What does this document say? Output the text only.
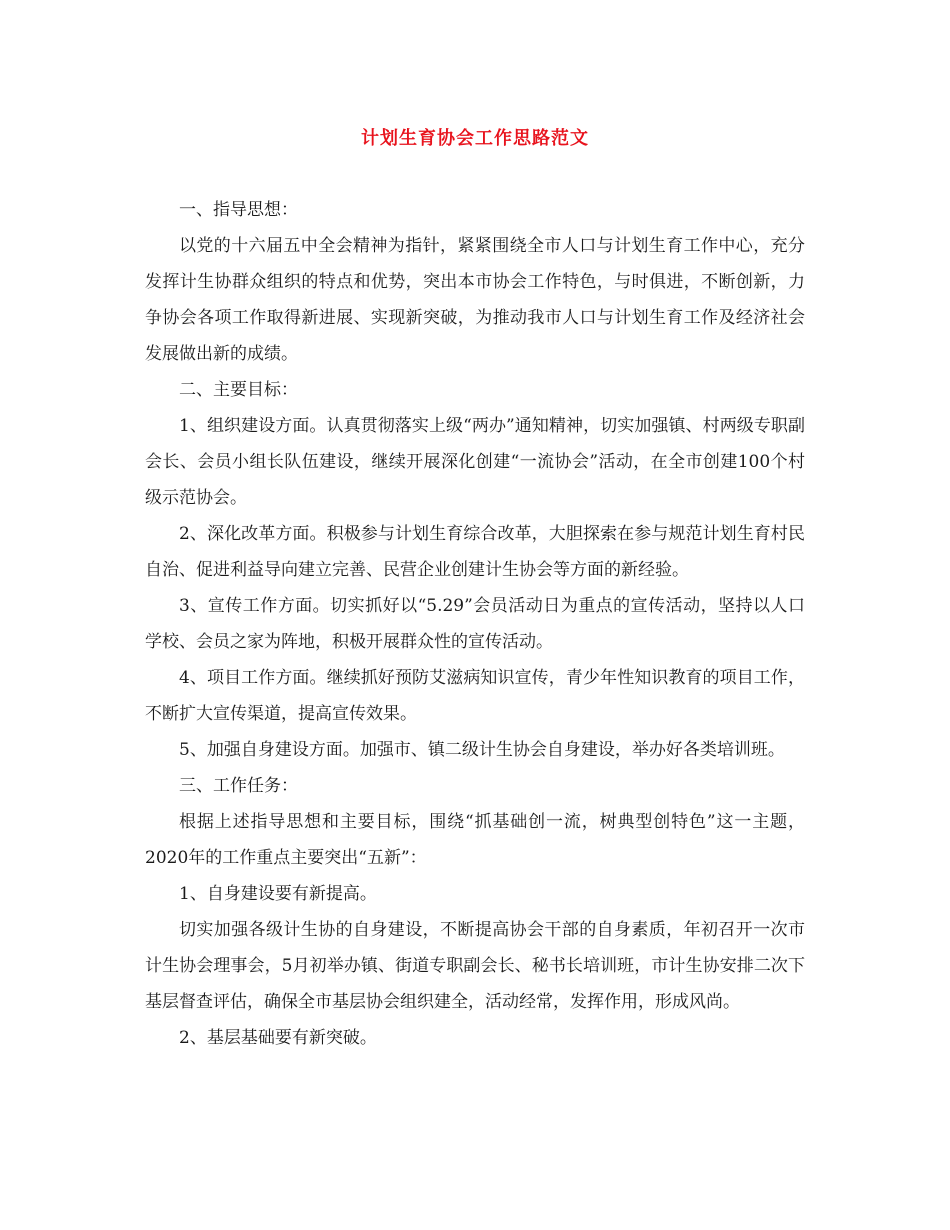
计划生育协会工作思路范文

一、指导思想：

以党的十六届五中全会精神为指针，紧紧围绕全市人口与计划生育工作中心，充分发挥计生协群众组织的特点和优势，突出本市协会工作特色，与时俱进，不断创新，力争协会各项工作取得新进展、实现新突破，为推动我市人口与计划生育工作及经济社会发展做出新的成绩。

二、主要目标：

1、组织建设方面。认真贯彻落实上级“两办”通知精神，切实加强镇、村两级专职副会长、会员小组长队伍建设，继续开展深化创建“一流协会”活动，在全市创建100个村级示范协会。

2、深化改革方面。积极参与计划生育综合改革，大胆探索在参与规范计划生育村民自治、促进利益导向建立完善、民营企业创建计生协会等方面的新经验。

3、宣传工作方面。切实抓好以“5.29”会员活动日为重点的宣传活动，坚持以人口学校、会员之家为阵地，积极开展群众性的宣传活动。

4、项目工作方面。继续抓好预防艾滋病知识宣传，青少年性知识教育的项目工作，不断扩大宣传渠道，提高宣传效果。

5、加强自身建设方面。加强市、镇二级计生协会自身建设，举办好各类培训班。

三、工作任务：

根据上述指导思想和主要目标，围绕“抓基础创一流，树典型创特色”这一主题，2020年的工作重点主要突出“五新”：

1、自身建设要有新提高。

切实加强各级计生协的自身建设，不断提高协会干部的自身素质，年初召开一次市计生协会理事会，5月初举办镇、街道专职副会长、秘书长培训班，市计生协安排二次下基层督查评估，确保全市基层协会组织建全，活动经常，发挥作用，形成风尚。

2、基层基础要有新突破。
